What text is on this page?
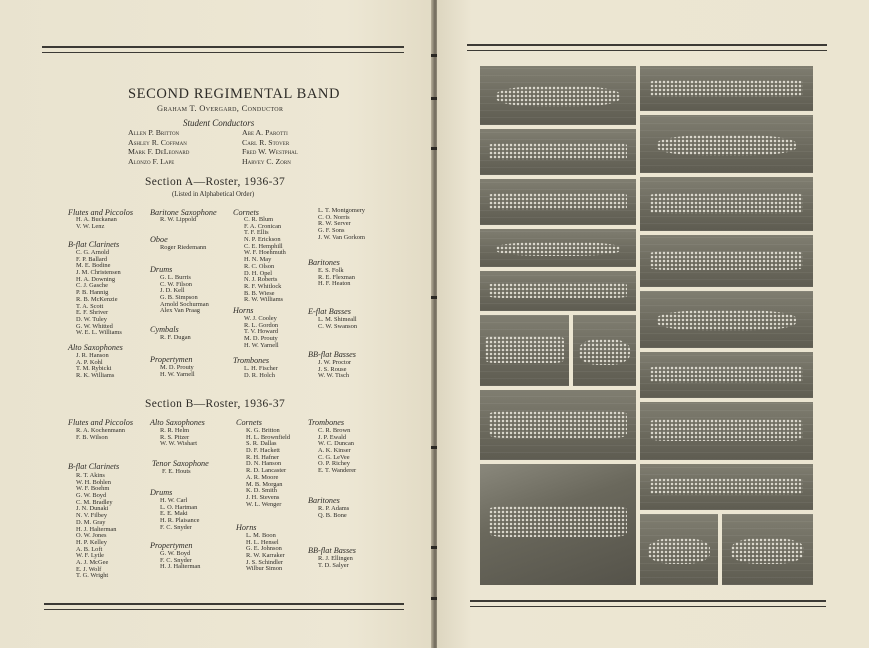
SECOND REGIMENTAL BAND
Graham T. Overgard, Conductor
Student Conductors
Allen P. Britton
Ashley R. Coffman
Mark F. DeLeonard
Alonzo F. Lape
Abe A. Parotti
Carl R. Stover
Fred W. Westphal
Harvey C. Zorn
Section A—Roster, 1936-37
(Listed in Alphabetical Order)
Flutes and Piccolos
H. A. Buckanan
V. W. Lenz
B-flat Clarinets
C. G. Arnold
F. P. Ballard
M. E. Bodine
J. M. Christensen
H. A. Downing
C. J. Gasche
P. B. Hannig
R. B. McKenzie
T. A. Scott
E. F. Shriver
D. W. Tuley
G. W. Whitted
W. E. L. Williams
Alto Saxophones
J. R. Hanson
A. P. Kohl
T. M. Rybicki
R. K. Williams
Baritone Saxophone
R. W. Lippold
Oboe
Roger Riedemann
Drums
G. L. Burris
C. W. Filson
J. D. Kell
G. B. Simpson
Arnold Sochurman
Alex Van Praag
Cymbals
R. F. Dugan
Propertymen
M. D. Prouty
H. W. Yarnell
Cornets
C. R. Blum
F. A. Cronican
T. F. Ellis
N. P. Erickson
C. E. Hemphill
W. F. Hoehmuth
H. N. May
R. C. Olson
D. H. Opel
N. J. Roberts
R. F. Whitlock
B. B. Wiese
R. W. Williams
Horns
W. J. Cooley
R. L. Gordon
T. V. Howard
M. D. Prouty
H. W. Yarnell
Trombones
L. H. Fischer
D. R. Holch
L. T. Montgomery
C. O. Norris
R. W. Server
G. F. Sons
J. W. Van Gorkom
Baritones
E. S. Folk
R. E. Flexman
H. F. Heaton
E-flat Basses
L. M. Shimeall
C. W. Swanson
BB-flat Basses
J. W. Proctor
J. S. Rouse
W. W. Tisch
Section B—Roster, 1936-37
Flutes and Piccolos
R. A. Kochenmann
F. B. Wilson
B-flat Clarinets
R. T. Akins
W. H. Bohlen
W. F. Boehm
G. W. Boyd
C. M. Bradley
J. N. Dunaki
N. V. Filbey
D. M. Gray
H. J. Halterman
O. W. Jones
H. P. Kelley
A. B. Loft
W. F. Lytle
A. J. McGee
E. J. Wolf
T. G. Wright
Alto Saxophones
R. R. Helm
R. S. Pitzer
W. W. Wishart
Tenor Saxophone
F. E. Houts
Drums
H. W. Carl
L. O. Hartman
E. E. Maki
H. R. Plaisance
F. C. Snyder
Propertymen
G. W. Boyd
F. C. Snyder
H. J. Halterman
Cornets
K. G. Britton
H. L. Brownfield
S. R. Dallas
D. F. Hackett
R. H. Hafner
D. N. Hanson
R. D. Lancaster
A. R. Moore
M. B. Morgan
K. D. Smith
J. H. Stevens
W. L. Wenger
Horns
L. M. Boon
H. L. Hensel
G. E. Johnson
R. W. Karraker
J. S. Schindler
Wilbur Simon
Trombones
C. R. Brown
J. P. Ewald
W. C. Duncan
A. K. Kinser
C. G. LeVee
O. P. Richey
E. T. Wanderer
Baritones
R. P. Adams
Q. B. Bone
BB-flat Basses
R. J. Ellingen
T. D. Salyer
